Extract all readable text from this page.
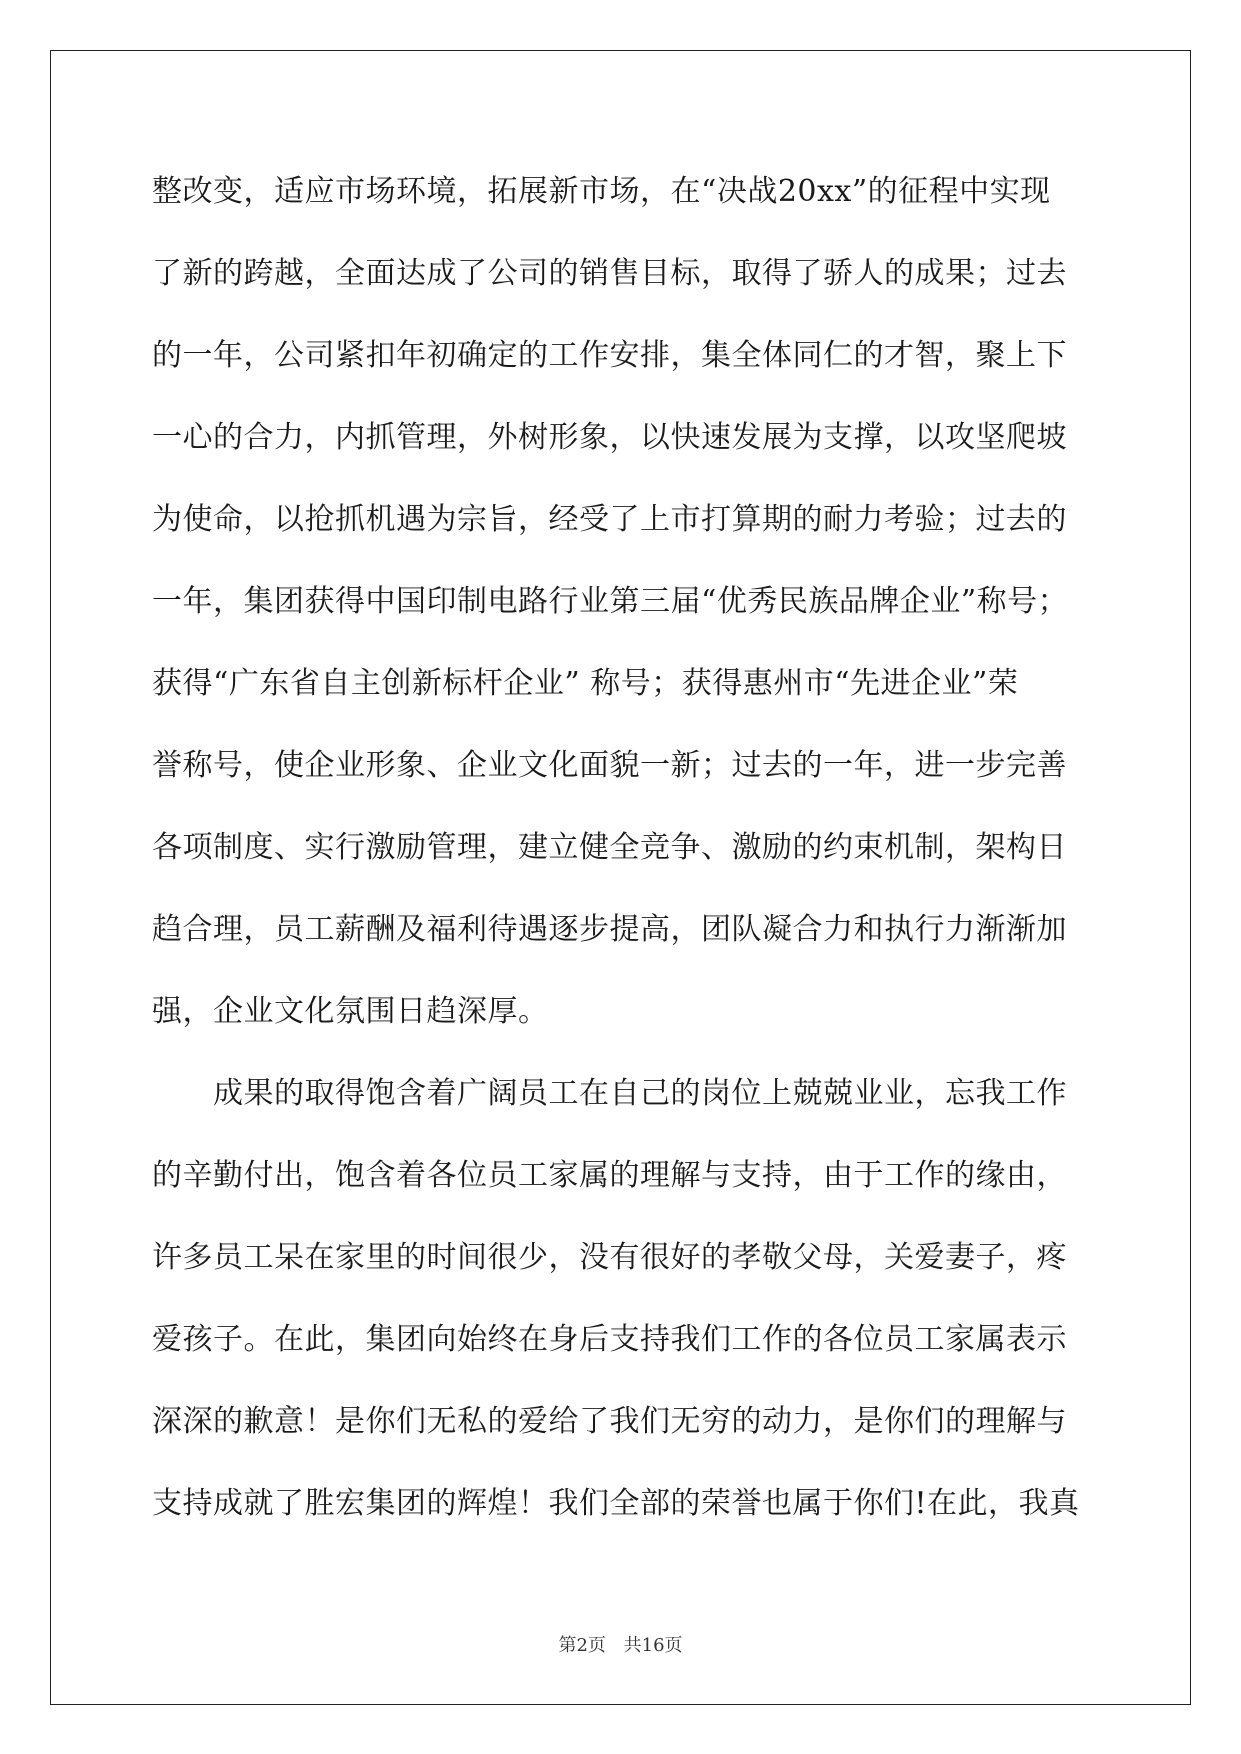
整改变，适应市场环境，拓展新市场，在“决战20xx”的征程中实现
了新的跨越，全面达成了公司的销售目标，取得了骄人的成果；过去
的一年，公司紧扣年初确定的工作安排，集全体同仁的才智，聚上下
一心的合力，内抓管理，外树形象，以快速发展为支撑，以攻坚爬坡
为使命，以抢抓机遇为宗旨，经受了上市打算期的耐力考验；过去的
一年，集团获得中国印制电路行业第三届“优秀民族品牌企业”称号；
获得“广东省自主创新标杆企业” 称号；获得惠州市“先进企业”荣
誉称号，使企业形象、企业文化面貌一新；过去的一年，进一步完善
各项制度、实行激励管理，建立健全竞争、激励的约束机制，架构日
趋合理，员工薪酬及福利待遇逐步提高，团队凝合力和执行力渐渐加
强，企业文化氛围日趋深厚。
　　成果的取得饱含着广阔员工在自己的岗位上兢兢业业，忘我工作
的辛勤付出，饱含着各位员工家属的理解与支持，由于工作的缘由，
许多员工呆在家里的时间很少，没有很好的孝敬父母，关爱妻子，疼
爱孩子。在此，集团向始终在身后支持我们工作的各位员工家属表示
深深的歉意！是你们无私的爱给了我们无穷的动力，是你们的理解与
支持成就了胜宏集团的辉煌！我们全部的荣誉也属于你们!在此，我真
第2页 共16页
